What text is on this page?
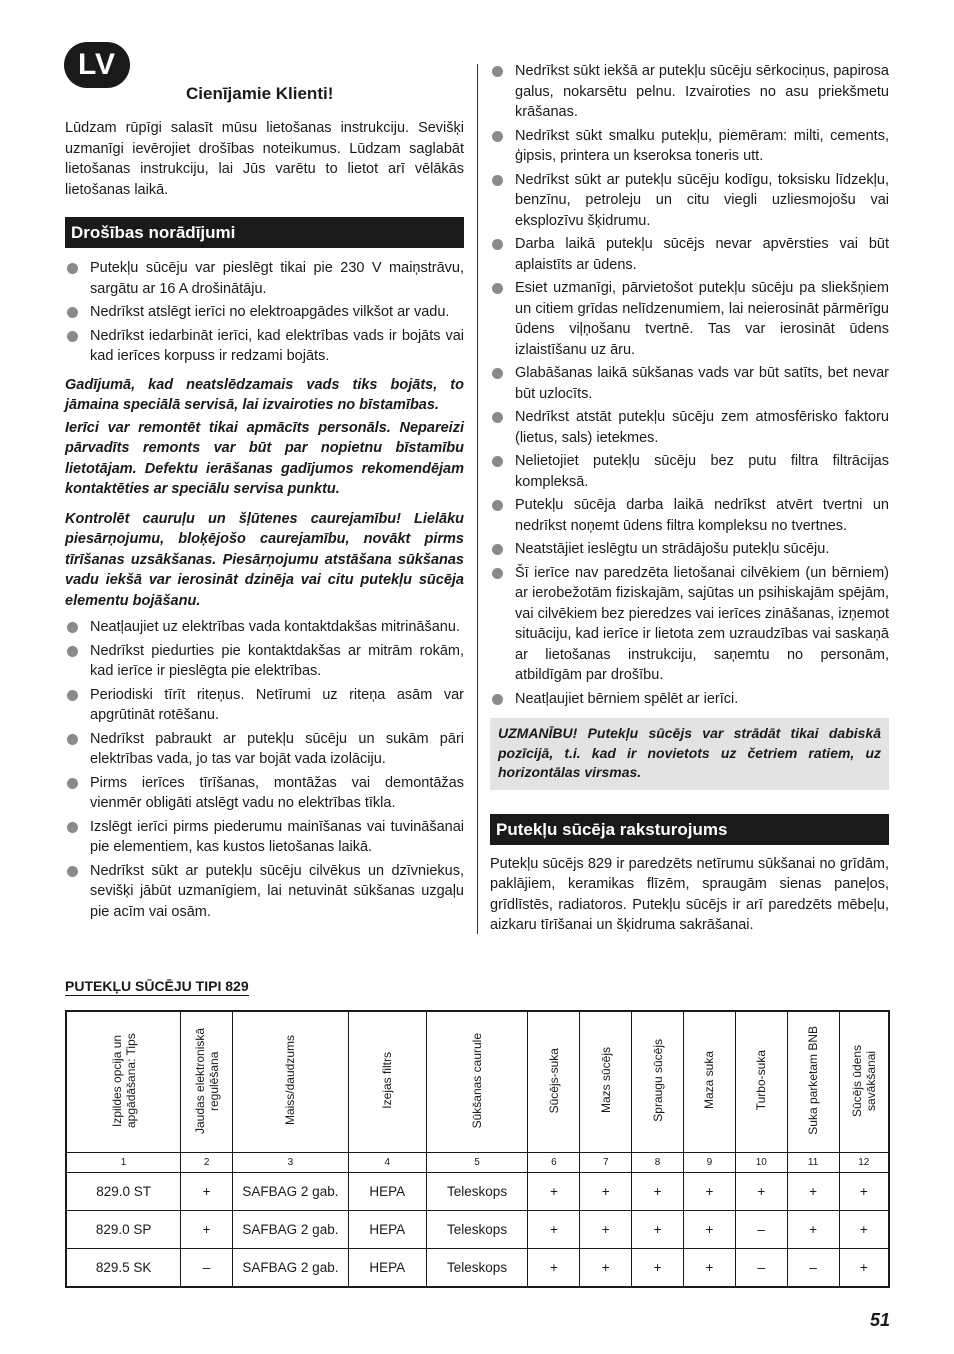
LV
Cienījamie Klienti!

Lūdzam rūpīgi salasīt mūsu lietošanas instrukciju. Sevišķi uzmanīgi ievērojiet drošības noteikumus. Lūdzam saglabāt lietošanas instrukciju, lai Jūs varētu to lietot arī vēlākās lietošanas laikā.

Drošības norādījumi
Putekļu sūcēju var pieslēgt tikai pie 230 V maiņstrāvu, sargātu ar 16 A drošinātāju.
Nedrīkst atslēgt ierīci no elektroapgādes vilkšot ar vadu.
Nedrīkst iedarbināt ierīci, kad elektrības vads ir bojāts vai kad ierīces korpuss ir redzami bojāts.

Gadījumā, kad neatslēdzamais vads tiks bojāts, to jāmaina speciālā servisā, lai izvairoties no bīstamības.

Ierīci var remontēt tikai apmācīts personāls. Nepareizi pārvadīts remonts var būt par nopietnu bīstamību lietotājam. Defektu ierāšanas gadījumos rekomendējam kontaktēties ar speciālu servisa punktu.

Kontrolēt cauruļu un šļūtenes caurejamību! Lielāku piesārņojumu, bloķējošo caurejamību, novākt pirms tīrīšanas uzsākšanas. Piesārņojumu atstāšana sūkšanas vadu iekšā var ierosināt dzinēja vai citu putekļu sūcēja elementu bojāšanu.

Neatļaujiet uz elektrības vada kontaktdakšas mitrināšanu.
Nedrīkst piedurties pie kontaktdakšas ar mitrām rokām, kad ierīce ir pieslēgta pie elektrības.
Periodiski tīrīt riteņus. Netīrumi uz riteņa asām var apgrūtināt rotēšanu.
Nedrīkst pabraukt ar putekļu sūcēju un sukām pāri elektrības vada, jo tas var bojāt vada izolāciju.
Pirms ierīces tīrīšanas, montāžas vai demontāžas vienmēr obligāti atslēgt vadu no elektrības tīkla.
Izslēgt ierīci pirms piederumu mainīšanas vai tuvināšanai pie elementiem, kas kustos lietošanas laikā.
Nedrīkst sūkt ar putekļu sūcēju cilvēkus un dzīvniekus, sevišķi jābūt uzmanīgiem, lai netuvināt sūkšanas uzgaļu pie acīm vai osām.
Nedrīkst sūkt iekšā ar putekļu sūcēju sērkociņus, papirosa galus, nokarsētu pelnu. Izvairoties no asu priekšmetu krāšanas.
Nedrīkst sūkt smalku putekļu, piemēram: milti, cements, ģipsis, printera un kseroksa toneris utt.
Nedrīkst sūkt ar putekļu sūcēju kodīgu, toksisku līdzekļu, benzīnu, petroleju un citu viegli uzliesmojošu vai eksplozīvu šķidrumu.
Darba laikā putekļu sūcējs nevar apvērsties vai būt aplaistīts ar ūdens.
Esiet uzmanīgi, pārvietošot putekļu sūcēju pa sliekšņiem un citiem grīdas nelīdzenumiem, lai neierosināt pārmērīgu ūdens viļņošanu tvertnē. Tas var ierosināt ūdens izlaistīšanu uz āru.
Glabāšanas laikā sūkšanas vads var būt satīts, bet nevar būt uzlocīts.
Nedrīkst atstāt putekļu sūcēju zem atmosfērisko faktoru (lietus, sals) ietekmes.
Nelietojiet putekļu sūcēju bez putu filtra filtrācijas kompleksā.
Putekļu sūcēja darba laikā nedrīkst atvērt tvertni un nedrīkst noņemt ūdens filtra kompleksu no tvertnes.
Neatstājiet ieslēgtu un strādājošu putekļu sūcēju.
Šī ierīce nav paredzēta lietošanai cilvēkiem (un bērniem) ar ierobežotām fiziskajām, sajūtas un psihiskajām spējām, vai cilvēkiem bez pieredzes vai ierīces zināšanas, izņemot situāciju, kad ierīce ir lietota zem uzraudzības vai saskaņā ar lietošanas instrukciju, saņemtu no personām, atbildīgām par drošību.
Neatļaujiet bērniem spēlēt ar ierīci.

UZMANĪBU! Putekļu sūcējs var strādāt tikai dabiskā pozīcijā, t.i. kad ir novietots uz četriem ratiem, uz horizontālas virsmas.

Putekļu sūcēja raksturojums

Putekļu sūcējs 829 ir paredzēts netīrumu sūkšanai no grīdām, paklājiem, keramikas flīzēm, spraugām sienas paneļos, grīdlīstēs, radiatoros. Putekļu sūcējs ir arī paredzēts mēbeļu, aizkaru tīrīšanai un šķidruma sakrāšanai.

PUTEKĻU SŪCĒJU TIPI 829
Izpildes opcija un apgādāšana: Tips	Jaudas elektroniskā regulēšana	Maiss/daudzums	Izejas filtrs	Sūkšanas caurule	Sūcējs-suka	Mazs sūcējs	Spraugu sūcējs	Maza suka	Turbo-suka	Suka parketam BNB	Sūcējs ūdens savākšanai
1	2	3	4	5	6	7	8	9	10	11	12
829.0 ST	+	SAFBAG 2 gab.	HEPA	Teleskops	+	+	+	+	+	+	+
829.0 SP	+	SAFBAG 2 gab.	HEPA	Teleskops	+	+	+	+	–	+	+
829.5 SK	–	SAFBAG 2 gab.	HEPA	Teleskops	+	+	+	+	–	–	+
51
